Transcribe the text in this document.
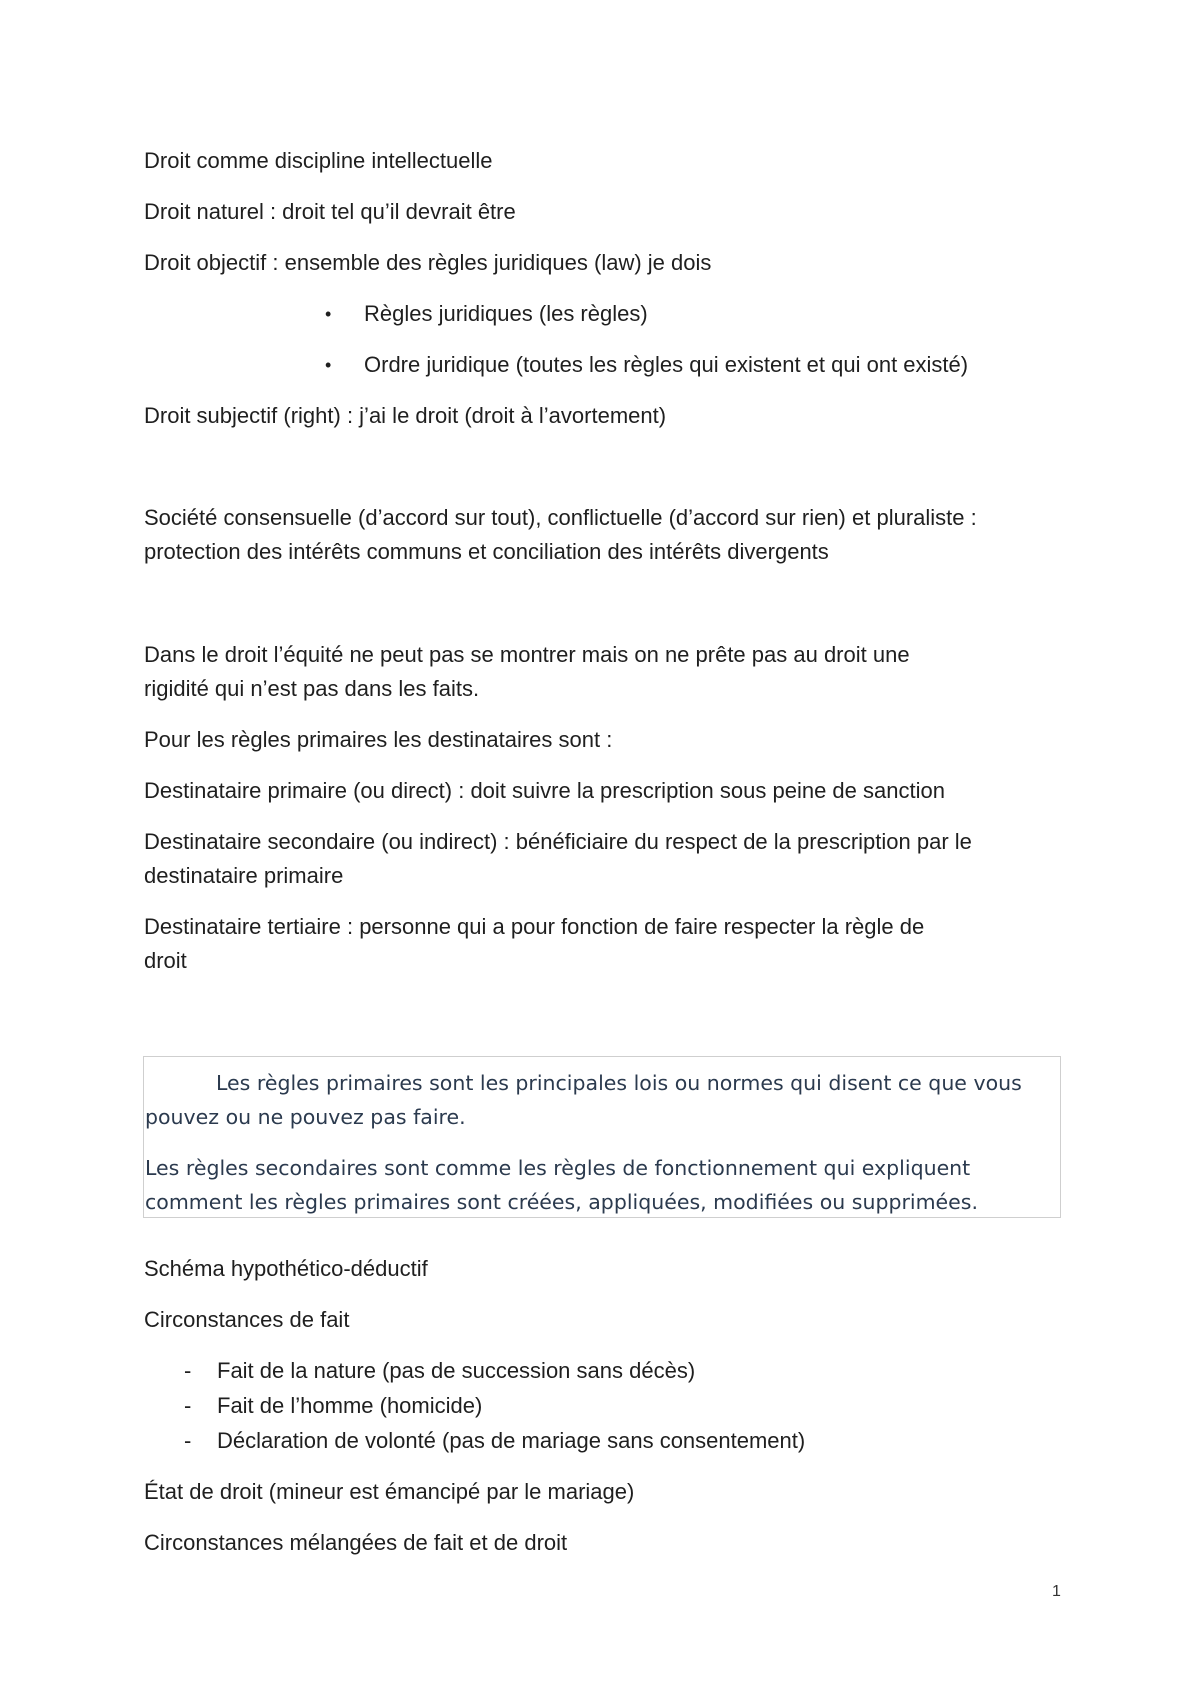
Droit comme discipline intellectuelle

Droit naturel : droit tel qu’il devrait être

Droit objectif : ensemble des règles juridiques (law) je dois

• Règles juridiques (les règles)

• Ordre juridique (toutes les règles qui existent et qui ont existé)

Droit subjectif (right) : j’ai le droit (droit à l’avortement)

Société consensuelle (d’accord sur tout), conflictuelle (d’accord sur rien) et pluraliste :

protection des intérêts communs et conciliation des intérêts divergents

Dans le droit l’équité ne peut pas se montrer mais on ne prête pas au droit une

rigidité qui n’est pas dans les faits.

Pour les règles primaires les destinataires sont :

Destinataire primaire (ou direct) : doit suivre la prescription sous peine de sanction

Destinataire secondaire (ou indirect) : bénéficiaire du respect de la prescription par le

destinataire primaire

Destinataire tertiaire : personne qui a pour fonction de faire respecter la règle de

droit

Les règles primaires sont les principales lois ou normes qui disent ce que vous

pouvez ou ne pouvez pas faire.

Les règles secondaires sont comme les règles de fonctionnement qui expliquent

comment les règles primaires sont créées, appliquées, modifiées ou supprimées.

Schéma hypothético-déductif

Circonstances de fait

- Fait de la nature (pas de succession sans décès)

- Fait de l’homme (homicide)

- Déclaration de volonté (pas de mariage sans consentement)

État de droit (mineur est émancipé par le mariage)

Circonstances mélangées de fait et de droit

1
